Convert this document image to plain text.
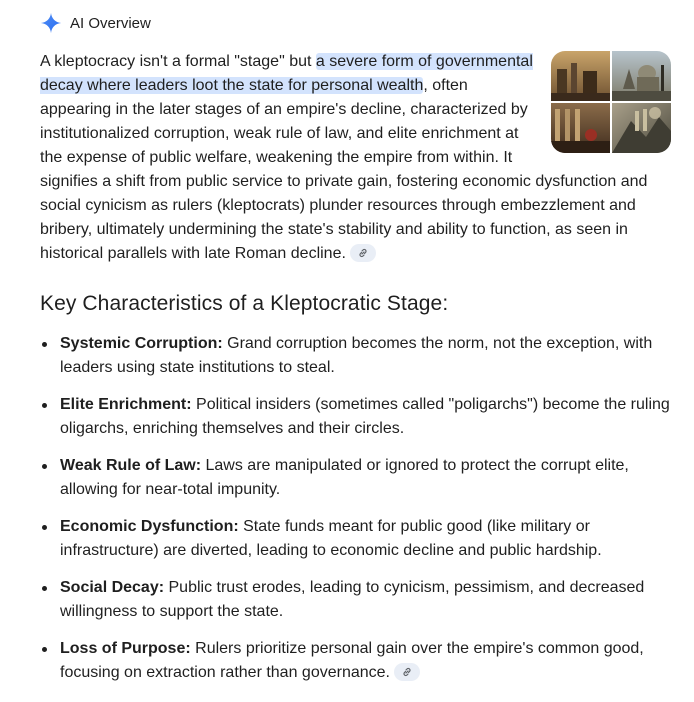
AI Overview
A kleptocracy isn't a formal "stage" but a severe form of governmental decay where leaders loot the state for personal wealth, often appearing in the later stages of an empire's decline, characterized by institutionalized corruption, weak rule of law, and elite enrichment at the expense of public welfare, weakening the empire from within. It signifies a shift from public service to private gain, fostering economic dysfunction and social cynicism as rulers (kleptocrats) plunder resources through embezzlement and bribery, ultimately undermining the state's stability and ability to function, as seen in historical parallels with late Roman decline.
Key Characteristics of a Kleptocratic Stage:
Systemic Corruption: Grand corruption becomes the norm, not the exception, with leaders using state institutions to steal.
Elite Enrichment: Political insiders (sometimes called "poligarchs") become the ruling oligarchs, enriching themselves and their circles.
Weak Rule of Law: Laws are manipulated or ignored to protect the corrupt elite, allowing for near-total impunity.
Economic Dysfunction: State funds meant for public good (like military or infrastructure) are diverted, leading to economic decline and public hardship.
Social Decay: Public trust erodes, leading to cynicism, pessimism, and decreased willingness to support the state.
Loss of Purpose: Rulers prioritize personal gain over the empire's common good, focusing on extraction rather than governance.
